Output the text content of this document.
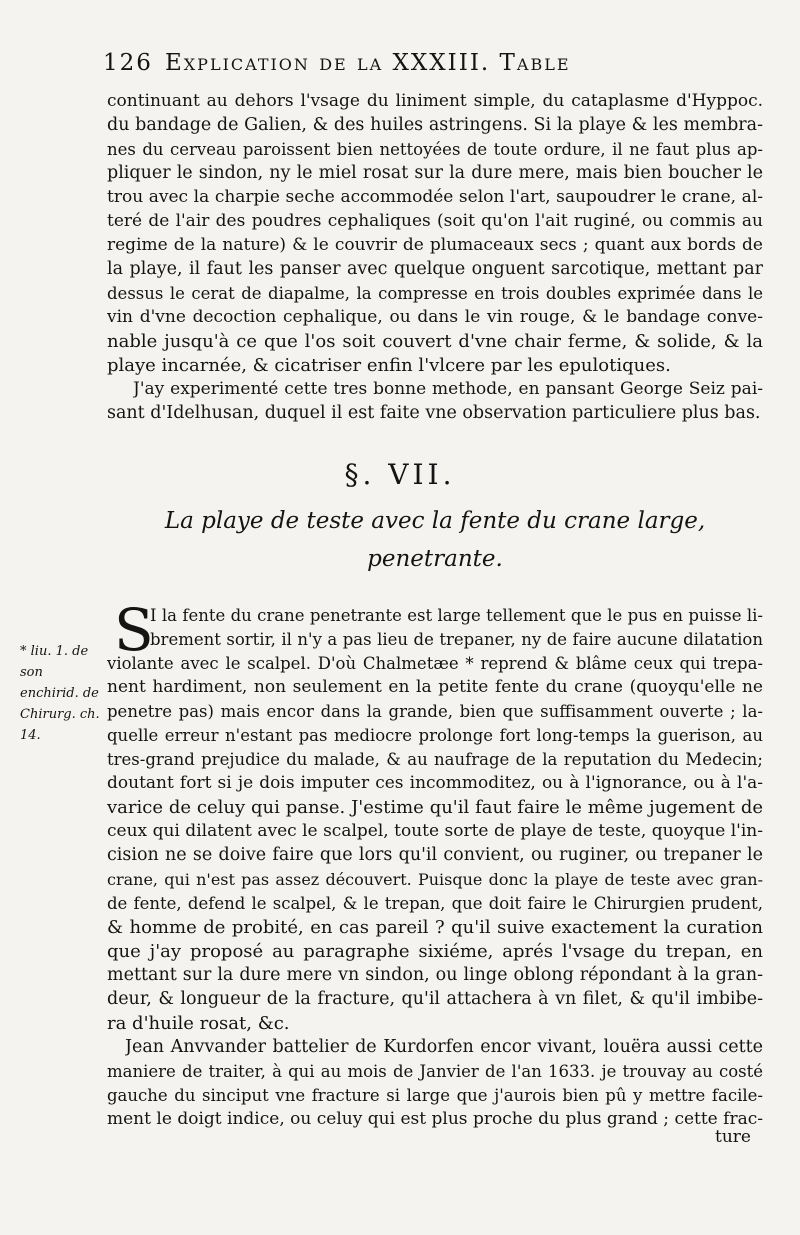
126 Explication de la XXXIII. Table
continuant au dehors l'vsage du liniment simple, du cataplasme d'Hyppoc.
du bandage de Galien, & des huiles astringens. Si la playe & les membra-
nes du cerveau paroissent bien nettoyées de toute ordure, il ne faut plus ap-
pliquer le sindon, ny le miel rosat sur la dure mere, mais bien boucher le
trou avec la charpie seche accommodée selon l'art, saupoudrer le crane, al-
teré de l'air des poudres cephaliques (soit qu'on l'ait ruginé, ou commis au
regime de la nature) & le couvrir de plumaceaux secs ; quant aux bords de
la playe, il faut les panser avec quelque onguent sarcotique, mettant par
dessus le cerat de diapalme, la compresse en trois doubles exprimée dans le
vin d'vne decoction cephalique, ou dans le vin rouge, & le bandage conve-
nable jusqu'à ce que l'os soit couvert d'vne chair ferme, & solide, & la
playe incarnée, & cicatriser enfin l'vlcere par les epulotiques.
J'ay experimenté cette tres bonne methode, en pansant George Seiz pai-
sant d'Idelhusan, duquel il est faite vne observation particuliere plus bas.
§. VII.
La playe de teste avec la fente du crane large,
penetrante.
S
I la fente du crane penetrante est large tellement que le pus en puisse li-
brement sortir, il n'y a pas lieu de trepaner, ny de faire aucune dilatation
violante avec le scalpel. D'où Chalmetæe * reprend & blâme ceux qui trepa-
nent hardiment, non seulement en la petite fente du crane (quoyqu'elle ne
penetre pas) mais encor dans la grande, bien que suffisamment ouverte ; la-
quelle erreur n'estant pas mediocre prolonge fort long-temps la guerison, au
tres-grand prejudice du malade, & au naufrage de la reputation du Medecin;
doutant fort si je dois imputer ces incommoditez, ou à l'ignorance, ou à l'a-
varice de celuy qui panse. J'estime qu'il faut faire le même jugement de
ceux qui dilatent avec le scalpel, toute sorte de playe de teste, quoyque l'in-
cision ne se doive faire que lors qu'il convient, ou ruginer, ou trepaner le
crane, qui n'est pas assez découvert. Puisque donc la playe de teste avec gran-
de fente, defend le scalpel, & le trepan, que doit faire le Chirurgien prudent,
& homme de probité, en cas pareil ? qu'il suive exactement la curation
que j'ay proposé au paragraphe sixiéme, aprés l'vsage du trepan, en
mettant sur la dure mere vn sindon, ou linge oblong répondant à la gran-
deur, & longueur de la fracture, qu'il attachera à vn filet, & qu'il imbibe-
ra d'huile rosat, &c.
* liu. 1. de son
enchirid. de
Chirurg. ch.
14.
Jean Anvvander battelier de Kurdorfen encor vivant, louëra aussi cette
maniere de traiter, à qui au mois de Janvier de l'an 1633. je trouvay au costé
gauche du sinciput vne fracture si large que j'aurois bien pû y mettre facile-
ment le doigt indice, ou celuy qui est plus proche du plus grand ; cette frac-
ture
